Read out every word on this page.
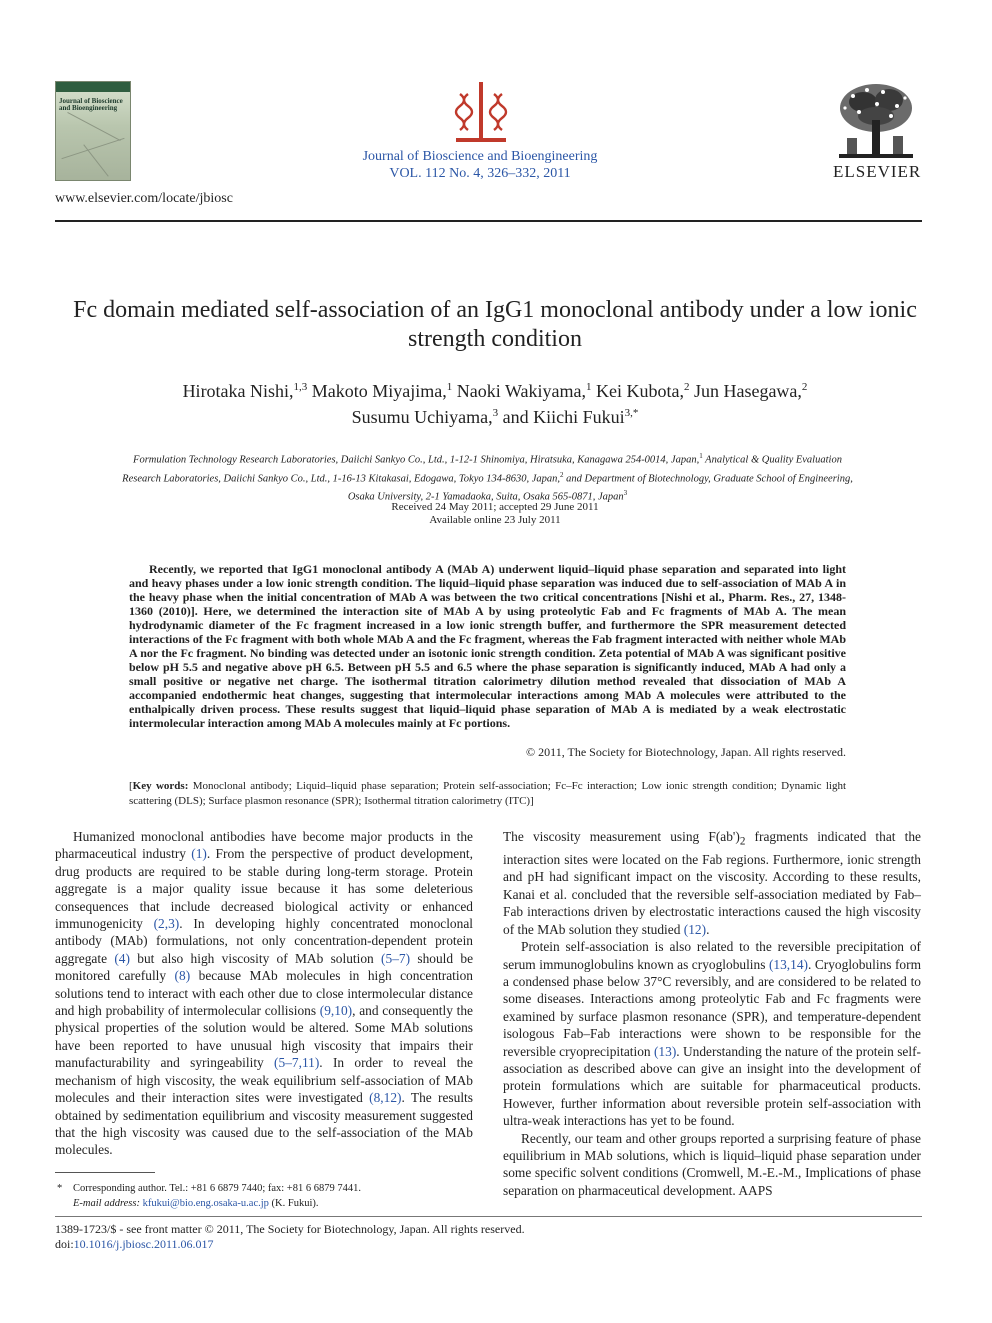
Journal of Bioscience and Bioengineering
www.elsevier.com/locate/jbiosc
Journal of Bioscience and Bioengineering
VOL. 112 No. 4, 326–332, 2011	ELSEVIER
Fc domain mediated self-association of an IgG1 monoclonal antibody under a low ionic strength condition
Hirotaka Nishi,$^{1,3}$ Makoto Miyajima,$^1$ Naoki Wakiyama,$^1$ Kei Kubota,$^2$ Jun Hasegawa,$^2$
Susumu Uchiyama,$^3$ and Kiichi Fukui$^{3,*}$
Formulation Technology Research Laboratories, Daiichi Sankyo Co., Ltd., 1-12-1 Shinomiya, Hiratsuka, Kanagawa 254-0014, Japan,$^1$ Analytical & Quality Evaluation Research Laboratories, Daiichi Sankyo Co., Ltd., 1-16-13 Kitakasai, Edogawa, Tokyo 134-8630, Japan,$^2$ and Department of Biotechnology, Graduate School of Engineering, Osaka University, 2-1 Yamadaoka, Suita, Osaka 565-0871, Japan$^3$
Received 24 May 2011; accepted 29 June 2011
Available online 23 July 2011
Recently, we reported that IgG1 monoclonal antibody A (MAb A) underwent liquid–liquid phase separation and separated into light and heavy phases under a low ionic strength condition. The liquid–liquid phase separation was induced due to self-association of MAb A in the heavy phase when the initial concentration of MAb A was between the two critical concentrations [Nishi et al., Pharm. Res., 27, 1348-1360 (2010)]. Here, we determined the interaction site of MAb A by using proteolytic Fab and Fc fragments of MAb A. The mean hydrodynamic diameter of the Fc fragment increased in a low ionic strength buffer, and furthermore the SPR measurement detected interactions of the Fc fragment with both whole MAb A and the Fc fragment, whereas the Fab fragment interacted with neither whole MAb A nor the Fc fragment. No binding was detected under an isotonic ionic strength condition. Zeta potential of MAb A was significant positive below pH 5.5 and negative above pH 6.5. Between pH 5.5 and 6.5 where the phase separation is significantly induced, MAb A had only a small positive or negative net charge. The isothermal titration calorimetry dilution method revealed that dissociation of MAb A accompanied endothermic heat changes, suggesting that intermolecular interactions among MAb A molecules were attributed to the enthalpically driven process. These results suggest that liquid–liquid phase separation of MAb A is mediated by a weak electrostatic intermolecular interaction among MAb A molecules mainly at Fc portions.
© 2011, The Society for Biotechnology, Japan. All rights reserved.
[Key words: Monoclonal antibody; Liquid–liquid phase separation; Protein self-association; Fc–Fc interaction; Low ionic strength condition; Dynamic light scattering (DLS); Surface plasmon resonance (SPR); Isothermal titration calorimetry (ITC)]

Humanized monoclonal antibodies have become major products in the pharmaceutical industry (1). From the perspective of product development, drug products are required to be stable during long-term storage. Protein aggregate is a major quality issue because it has some deleterious consequences that include decreased biological activity or enhanced immunogenicity (2,3). In developing highly concentrated monoclonal antibody (MAb) formulations, not only concentration-dependent protein aggregate (4) but also high viscosity of MAb solution (5–7) should be monitored carefully (8) because MAb molecules in high concentration solutions tend to interact with each other due to close intermolecular distance and high probability of intermolecular collisions (9,10), and consequently the physical properties of the solution would be altered. Some MAb solutions have been reported to have unusual high viscosity that impairs their manufacturability and syringeability (5–7,11). In order to reveal the mechanism of high viscosity, the weak equilibrium self-association of MAb molecules and their interaction sites were investigated (8,12). The results obtained by sedimentation equilibrium and viscosity measurement suggested that the high viscosity was caused due to the self-association of the MAb molecules.

The viscosity measurement using $F(ab')_2$ fragments indicated that the interaction sites were located on the Fab regions. Furthermore, ionic strength and pH had significant impact on the viscosity. According to these results, Kanai et al. concluded that the reversible self-association mediated by Fab–Fab interactions driven by electrostatic interactions caused the high viscosity of the MAb solution they studied (12).

Protein self-association is also related to the reversible precipitation of serum immunoglobulins known as cryoglobulins (13,14). Cryoglobulins form a condensed phase below 37°C reversibly, and are considered to be related to some diseases. Interactions among proteolytic Fab and Fc fragments were examined by surface plasmon resonance (SPR), and temperature-dependent isologous Fab–Fab interactions were shown to be responsible for the reversible cryoprecipitation (13). Understanding the nature of the protein self-association as described above can give an insight into the development of protein formulations which are suitable for pharmaceutical products. However, further information about reversible protein self-association with ultra-weak interactions has yet to be found.

Recently, our team and other groups reported a surprising feature of phase equilibrium in MAb solutions, which is liquid–liquid phase separation under some specific solvent conditions (Cromwell, M.-E.-M., Implications of phase separation on pharmaceutical development. AAPS

* Corresponding author. Tel.: +81 6 6879 7440; fax: +81 6 6879 7441.
E-mail address: kfukui@bio.eng.osaka-u.ac.jp (K. Fukui).
1389-1723/$ - see front matter © 2011, The Society for Biotechnology, Japan. All rights reserved.
doi:10.1016/j.jbiosc.2011.06.017
